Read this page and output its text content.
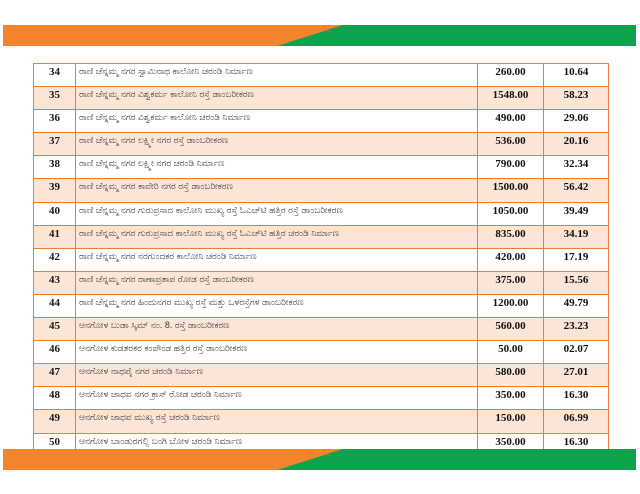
34	ರಾಣಿ ಚೆನ್ನಮ್ಮ ನಗರ ಸ್ವಾಮಿನಾಥ ಕಾಲೋನಿ ಚರಂಡಿ ನಿರ್ಮಾಣ	260.00	10.64
35	ರಾಣಿ ಚೆನ್ನಮ್ಮ ನಗರ ವಿಶ್ವಕರ್ಮ ಕಾಲೋನಿ ರಸ್ತೆ ಡಾಂಬರೀಕರಣ	1548.00	58.23
36	ರಾಣಿ ಚೆನ್ನಮ್ಮ ನಗರ ವಿಶ್ವಕರ್ಮ ಕಾಲೋನಿ ಚರಂಡಿ ನಿರ್ಮಾಣ	490.00	29.06
37	ರಾಣಿ ಚೆನ್ನಮ್ಮ ನಗರ ಲಕ್ಷ್ಮೀ ನಗರ ರಸ್ತೆ ಡಾಂಬರೀಕರಣ	536.00	20.16
38	ರಾಣಿ ಚೆನ್ನಮ್ಮ ನಗರ ಲಕ್ಷ್ಮೀ ನಗರ ಚರಂಡಿ ನಿರ್ಮಾಣ	790.00	32.34
39	ರಾಣಿ ಚೆನ್ನಮ್ಮ ನಗರ ಕಾವೇರಿ ನಗರ ರಸ್ತೆ ಡಾಂಬರೀಕರಣ	1500.00	56.42
40	ರಾಣಿ ಚೆನ್ನಮ್ಮ ನಗರ ಗುರುಪ್ರಸಾದ ಕಾಲೋನಿ ಮುಖ್ಯ ರಸ್ತೆ ಓಎಚ್‌ಟಿ ಹತ್ತಿರ ರಸ್ತೆ ಡಾಂಬರೀಕರಣ	1050.00	39.49
41	ರಾಣಿ ಚೆನ್ನಮ್ಮ ನಗರ ಗುರುಪ್ರಸಾದ ಕಾಲೋನಿ ಮುಖ್ಯ ರಸ್ತೆ ಓಎಚ್‌ಟಿ ಹತ್ತಿರ ಚರಂಡಿ ನಿರ್ಮಾಣ	835.00	34.19
42	ರಾಣಿ ಚೆನ್ನಮ್ಮ ನಗರ ನರಗುಂದಕರ ಕಾಲೋನಿ ಚರಂಡಿ ನಿರ್ಮಾಣ	420.00	17.19
43	ರಾಣಿ ಚೆನ್ನಮ್ಮ ನಗರ ರಾಣಾಪ್ರತಾಪ ರೋಡ ರಸ್ತೆ ಡಾಂಬರೀಕರಣ	375.00	15.56
44	ರಾಣಿ ಚೆನ್ನಮ್ಮ ನಗರ ಹಿಂದುನಗರ ಮುಖ್ಯ ರಸ್ತೆ ಮತ್ತು ಒಳರಸ್ತೆಗಳ ಡಾಂಬರೀಕರಣ	1200.00	49.79
45	ಆನಗೋಳ ಬುಡಾ ಸ್ಕಿಮ್ ನಂ. 8. ರಸ್ತೆ ಡಾಂಬರೀಕರಣ	560.00	23.23
46	ಆನಗೋಳ ಕುಡತರಕರ ಕಂಪೌಂಡ ಹತ್ತಿರ ರಸ್ತೆ ಡಾಂಬರೀಕರಣ	50.00	02.07
47	ಆನಗೋಳ ನಾಥಪೈ ನಗರ ಚರಂಡಿ ನಿರ್ಮಾಣ	580.00	27.01
48	ಆನಗೋಳ ಜಾಧವ ನಗರ ಕ್ರಾಸ್ ರೋಡ ಚರಂಡಿ ನಿರ್ಮಾಣ	350.00	16.30
49	ಆನಗೋಳ ಜಾಧವ ಮುಖ್ಯ ರಸ್ತೆ ಚರಂಡಿ ನಿರ್ಮಾಣ	150.00	06.99
50	ಆನಗೋಳ ಬಾಂಡುರಗಲ್ಲಿ ಬಂಗಿ ಬೋಳ ಚರಂಡಿ ನಿರ್ಮಾಣ	350.00	16.30
